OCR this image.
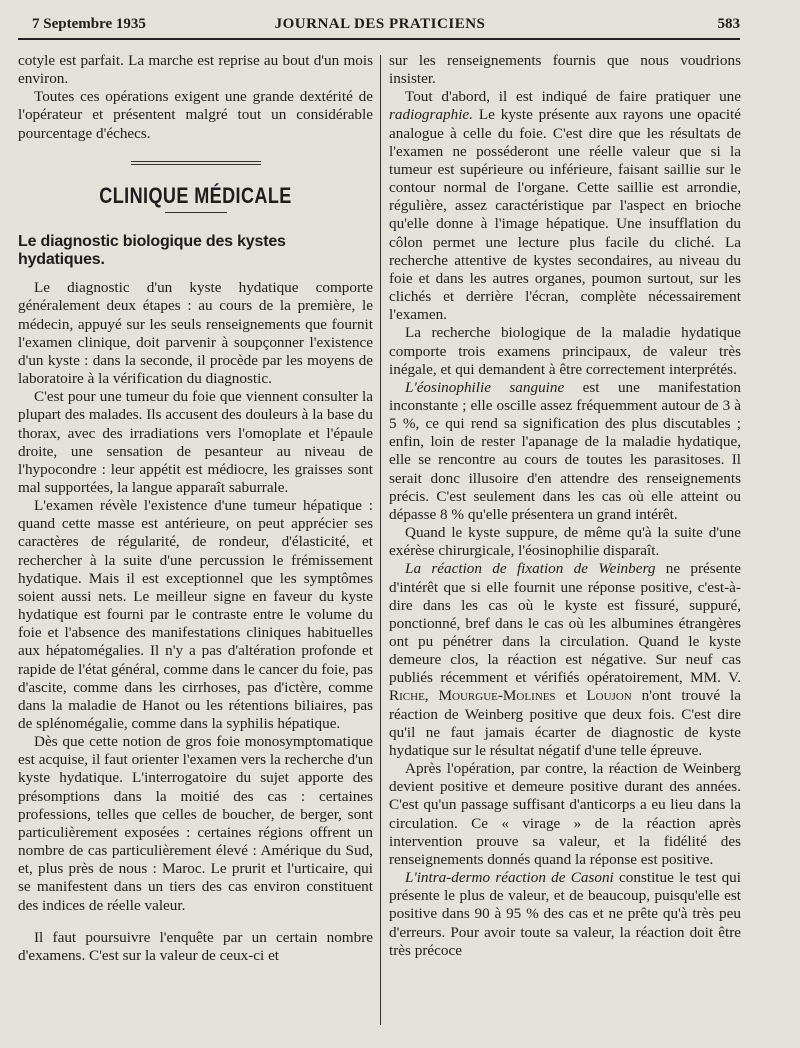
7 Septembre 1935	JOURNAL DES PRATICIENS	583

cotyle est parfait. La marche est reprise au bout d'un mois environ.

Toutes ces opérations exigent une grande dextérité de l'opérateur et présentent malgré tout un considérable pourcentage d'échecs.

CLINIQUE MÉDICALE
Le diagnostic biologique des kystes hydatiques.

Le diagnostic d'un kyste hydatique comporte généralement deux étapes : au cours de la première, le médecin, appuyé sur les seuls renseignements que fournit l'examen clinique, doit parvenir à soupçonner l'existence d'un kyste : dans la seconde, il procède par les moyens de laboratoire à la vérification du diagnostic.

C'est pour une tumeur du foie que viennent consulter la plupart des malades. Ils accusent des douleurs à la base du thorax, avec des irradiations vers l'omoplate et l'épaule droite, une sensation de pesanteur au niveau de l'hypocondre : leur appétit est médiocre, les graisses sont mal supportées, la langue apparaît saburrale.

L'examen révèle l'existence d'une tumeur hépatique : quand cette masse est antérieure, on peut apprécier ses caractères de régularité, de rondeur, d'élasticité, et rechercher à la suite d'une percussion le frémissement hydatique. Mais il est exceptionnel que les symptômes soient aussi nets. Le meilleur signe en faveur du kyste hydatique est fourni par le contraste entre le volume du foie et l'absence des manifestations cliniques habituelles aux hépatomégalies. Il n'y a pas d'altération profonde et rapide de l'état général, comme dans le cancer du foie, pas d'ascite, comme dans les cirrhoses, pas d'ictère, comme dans la maladie de Hanot ou les rétentions biliaires, pas de splénomégalie, comme dans la syphilis hépatique.

Dès que cette notion de gros foie monosymptomatique est acquise, il faut orienter l'examen vers la recherche d'un kyste hydatique. L'interrogatoire du sujet apporte des présomptions dans la moitié des cas : certaines professions, telles que celles de boucher, de berger, sont particulièrement exposées : certaines régions offrent un nombre de cas particulièrement élevé : Amérique du Sud, et, plus près de nous : Maroc. Le prurit et l'urticaire, qui se manifestent dans un tiers des cas environ constituent des indices de réelle valeur.

Il faut poursuivre l'enquête par un certain nombre d'examens. C'est sur la valeur de ceux-ci et

sur les renseignements fournis que nous voudrions insister.

Tout d'abord, il est indiqué de faire pratiquer une radiographie. Le kyste présente aux rayons une opacité analogue à celle du foie. C'est dire que les résultats de l'examen ne posséderont une réelle valeur que si la tumeur est supérieure ou inférieure, faisant saillie sur le contour normal de l'organe. Cette saillie est arrondie, régulière, assez caractéristique par l'aspect en brioche qu'elle donne à l'image hépatique. Une insufflation du côlon permet une lecture plus facile du cliché. La recherche attentive de kystes secondaires, au niveau du foie et dans les autres organes, poumon surtout, sur les clichés et derrière l'écran, complète nécessairement l'examen.

La recherche biologique de la maladie hydatique comporte trois examens principaux, de valeur très inégale, et qui demandent à être correctement interprétés.

L'éosinophilie sanguine est une manifestation inconstante ; elle oscille assez fréquemment autour de 3 à 5 %, ce qui rend sa signification des plus discutables ; enfin, loin de rester l'apanage de la maladie hydatique, elle se rencontre au cours de toutes les parasitoses. Il serait donc illusoire d'en attendre des renseignements précis. C'est seulement dans les cas où elle atteint ou dépasse 8 % qu'elle présentera un grand intérêt.

Quand le kyste suppure, de même qu'à la suite d'une exérèse chirurgicale, l'éosinophilie disparaît.

La réaction de fixation de Weinberg ne présente d'intérêt que si elle fournit une réponse positive, c'est-à-dire dans les cas où le kyste est fissuré, suppuré, ponctionné, bref dans le cas où les albumines étrangères ont pu pénétrer dans la circulation. Quand le kyste demeure clos, la réaction est négative. Sur neuf cas publiés récemment et vérifiés opératoirement, MM. V. Riche, Mourgue-Molines et Loujon n'ont trouvé la réaction de Weinberg positive que deux fois. C'est dire qu'il ne faut jamais écarter de diagnostic de kyste hydatique sur le résultat négatif d'une telle épreuve.

Après l'opération, par contre, la réaction de Weinberg devient positive et demeure positive durant des années. C'est qu'un passage suffisant d'anticorps a eu lieu dans la circulation. Ce « virage » de la réaction après intervention prouve sa valeur, et la fidélité des renseignements donnés quand la réponse est positive.

L'intra-dermo réaction de Casoni constitue le test qui présente le plus de valeur, et de beaucoup, puisqu'elle est positive dans 90 à 95 % des cas et ne prête qu'à très peu d'erreurs. Pour avoir toute sa valeur, la réaction doit être très précoce
